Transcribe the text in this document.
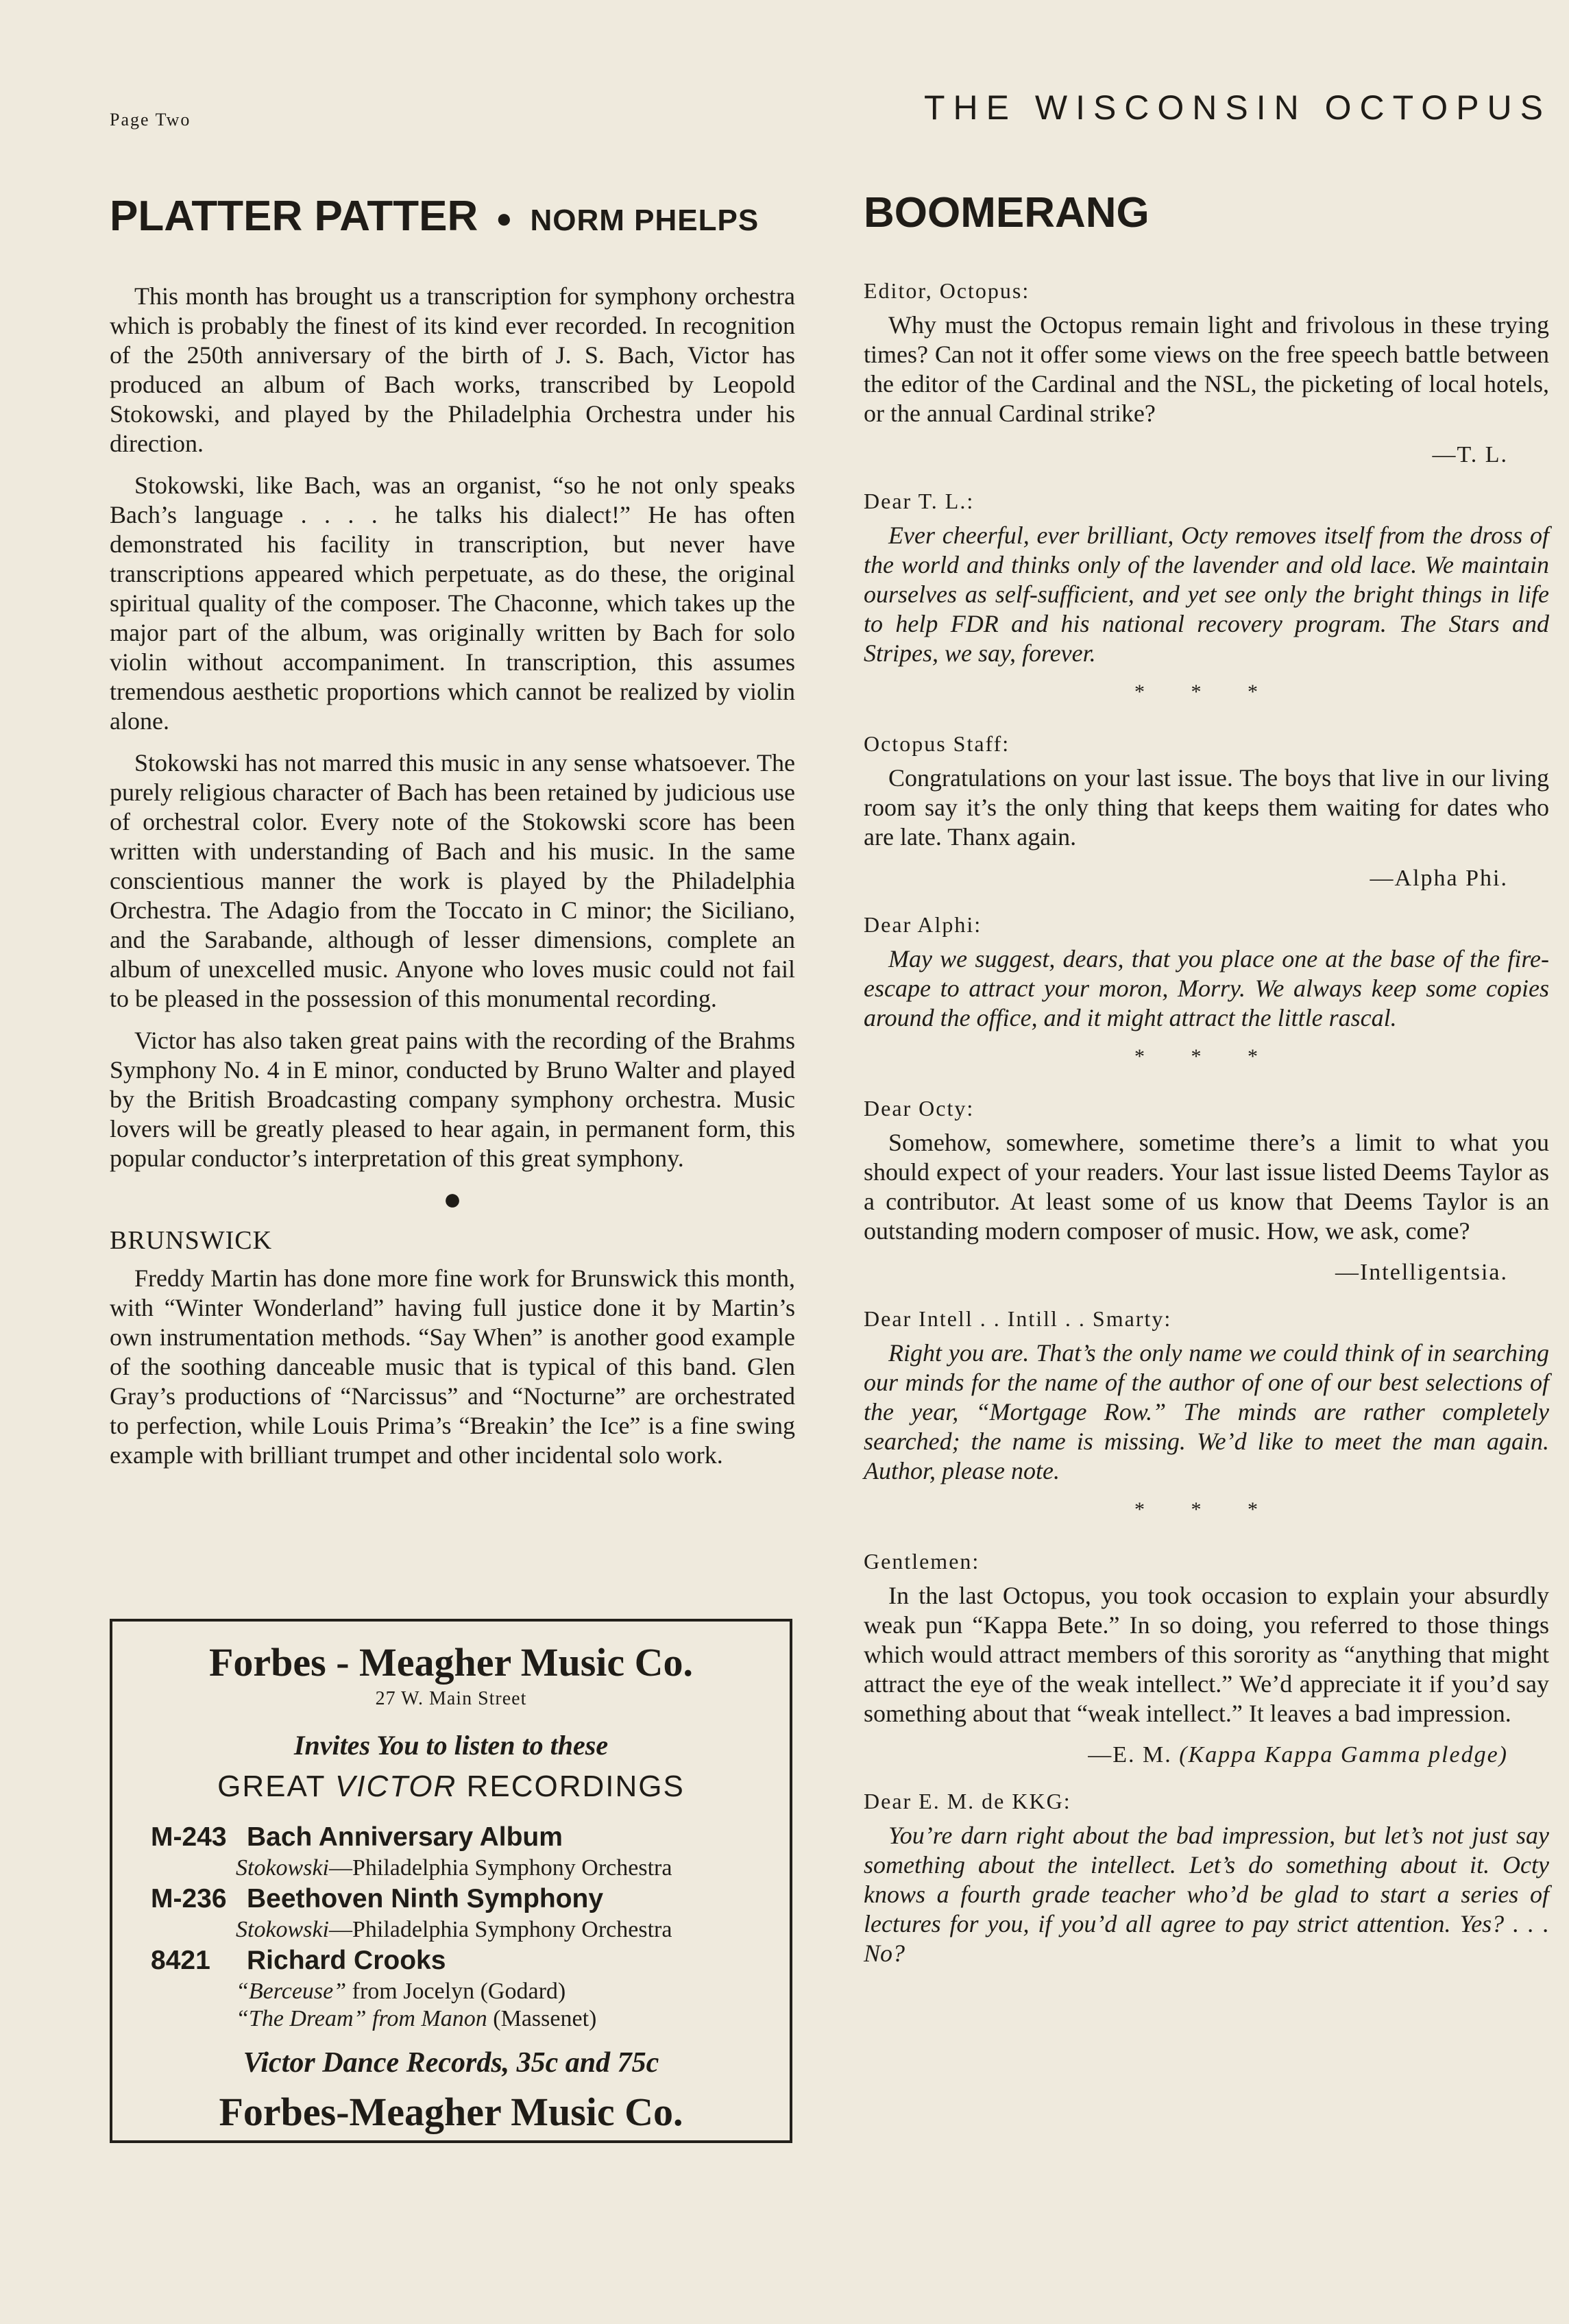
Page Two	THE WISCONSIN OCTOPUS
PLATTER PATTER ● NORM PHELPS

This month has brought us a transcription for symphony orchestra which is probably the finest of its kind ever recorded. In recognition of the 250th anniversary of the birth of J. S. Bach, Victor has produced an album of Bach works, transcribed by Leopold Stokowski, and played by the Philadelphia Orchestra under his direction.

Stokowski, like Bach, was an organist, “so he not only speaks Bach’s language . . . . he talks his dialect!” He has often demonstrated his facility in transcription, but never have transcriptions appeared which perpetuate, as do these, the original spiritual quality of the composer. The Chaconne, which takes up the major part of the album, was originally written by Bach for solo violin without accompaniment. In transcription, this assumes tremendous aesthetic proportions which cannot be realized by violin alone.

Stokowski has not marred this music in any sense whatsoever. The purely religious character of Bach has been retained by judicious use of orchestral color. Every note of the Stokowski score has been written with understanding of Bach and his music. In the same conscientious manner the work is played by the Philadelphia Orchestra. The Adagio from the Toccato in C minor; the Siciliano, and the Sarabande, although of lesser dimensions, complete an album of unexcelled music. Anyone who loves music could not fail to be pleased in the possession of this monumental recording.

Victor has also taken great pains with the recording of the Brahms Symphony No. 4 in E minor, conducted by Bruno Walter and played by the British Broadcasting company symphony orchestra. Music lovers will be greatly pleased to hear again, in permanent form, this popular conductor’s interpretation of this great symphony.

●
BRUNSWICK

Freddy Martin has done more fine work for Brunswick this month, with “Winter Wonderland” having full justice done it by Martin’s own instrumentation methods. “Say When” is another good example of the soothing danceable music that is typical of this band. Glen Gray’s productions of “Narcissus” and “Nocturne” are orchestrated to perfection, while Louis Prima’s “Breakin’ the Ice” is a fine swing example with brilliant trumpet and other incidental solo work.

Forbes - Meagher Music Co.
27 W. Main Street
Invites You to listen to these
GREAT VICTOR RECORDINGS
M-243 Bach Anniversary Album
Stokowski—Philadelphia Symphony Orchestra
M-236 Beethoven Ninth Symphony
Stokowski—Philadelphia Symphony Orchestra
8421 Richard Crooks
“Berceuse” from Jocelyn (Godard)
“The Dream” from Manon (Massenet)
Victor Dance Records, 35c and 75c
Forbes-Meagher Music Co.
BOOMERANG
Editor, Octopus:

Why must the Octopus remain light and frivolous in these trying times? Can not it offer some views on the free speech battle between the editor of the Cardinal and the NSL, the picketing of local hotels, or the annual Cardinal strike?

—T. L.
Dear T. L.:

Ever cheerful, ever brilliant, Octy removes itself from the dross of the world and thinks only of the lavender and old lace. We maintain ourselves as self-sufficient, and yet see only the bright things in life to help FDR and his national recovery program. The Stars and Stripes, we say, forever.

* * *
Octopus Staff:

Congratulations on your last issue. The boys that live in our living room say it’s the only thing that keeps them waiting for dates who are late. Thanx again.

—Alpha Phi.
Dear Alphi:

May we suggest, dears, that you place one at the base of the fire-escape to attract your moron, Morry. We always keep some copies around the office, and it might attract the little rascal.

* * *
Dear Octy:

Somehow, somewhere, sometime there’s a limit to what you should expect of your readers. Your last issue listed Deems Taylor as a contributor. At least some of us know that Deems Taylor is an outstanding modern composer of music. How, we ask, come?

—Intelligentsia.
Dear Intell . . Intill . . Smarty:

Right you are. That’s the only name we could think of in searching our minds for the name of the author of one of our best selections of the year, “Mortgage Row.” The minds are rather completely searched; the name is missing. We’d like to meet the man again. Author, please note.

* * *
Gentlemen:

In the last Octopus, you took occasion to explain your absurdly weak pun “Kappa Bete.” In so doing, you referred to those things which would attract members of this sorority as “anything that might attract the eye of the weak intellect.” We’d appreciate it if you’d say something about that “weak intellect.” It leaves a bad impression.

—E. M. (Kappa Kappa Gamma pledge)
Dear E. M. de KKG:

You’re darn right about the bad impression, but let’s not just say something about the intellect. Let’s do something about it. Octy knows a fourth grade teacher who’d be glad to start a series of lectures for you, if you’d all agree to pay strict attention. Yes? . . . No?
